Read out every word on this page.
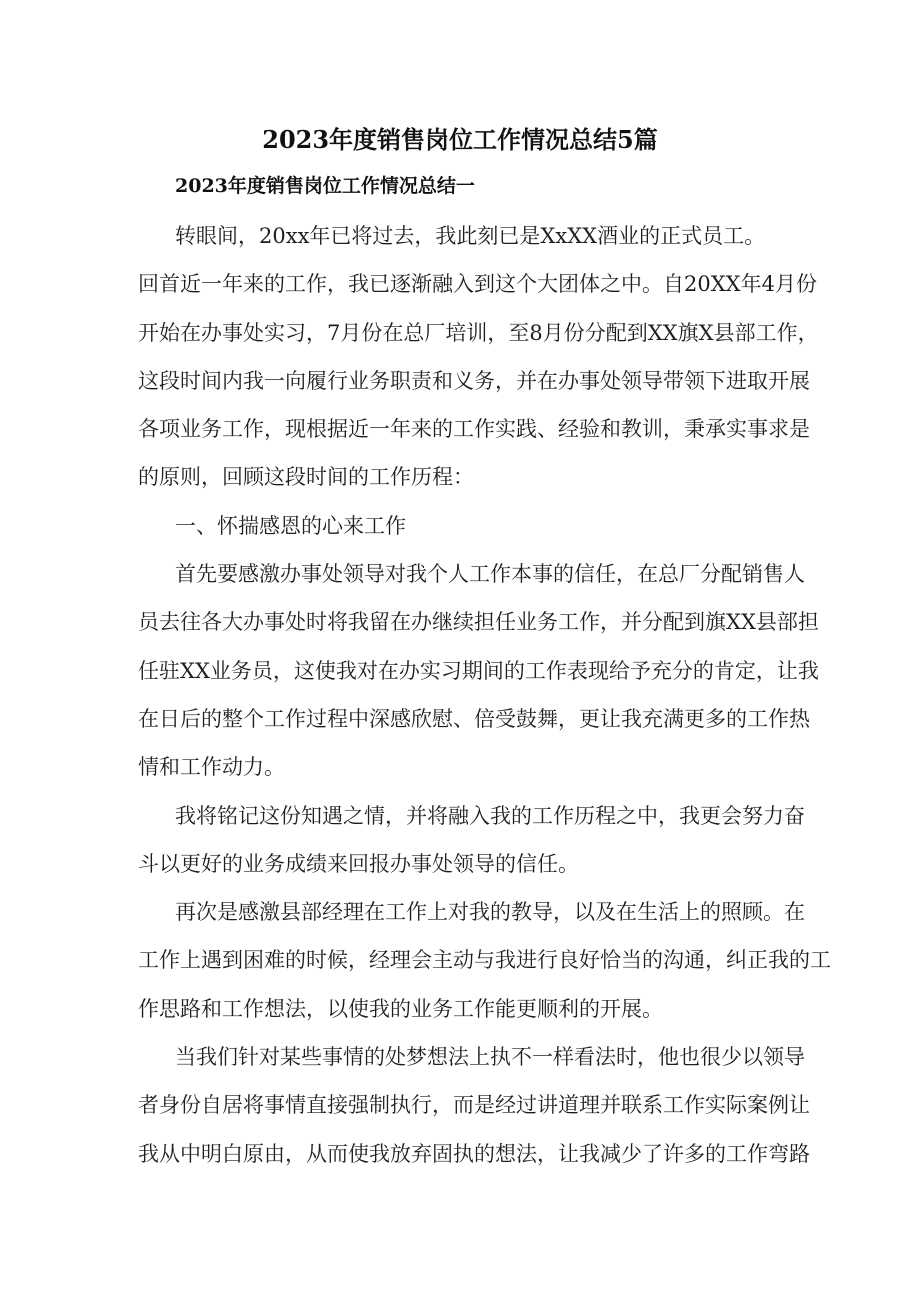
2023年度销售岗位工作情况总结5篇
2023年度销售岗位工作情况总结一
转眼间，20xx年已将过去，我此刻已是XxXX酒业的正式员工。
回首近一年来的工作，我已逐渐融入到这个大团体之中。自20XX年4月份
开始在办事处实习，7月份在总厂培训，至8月份分配到XX旗X县部工作，
这段时间内我一向履行业务职责和义务，并在办事处领导带领下进取开展
各项业务工作，现根据近一年来的工作实践、经验和教训，秉承实事求是
的原则，回顾这段时间的工作历程：
一、怀揣感恩的心来工作
首先要感激办事处领导对我个人工作本事的信任，在总厂分配销售人
员去往各大办事处时将我留在办继续担任业务工作，并分配到旗XX县部担
任驻XX业务员，这使我对在办实习期间的工作表现给予充分的肯定，让我
在日后的整个工作过程中深感欣慰、倍受鼓舞，更让我充满更多的工作热
情和工作动力。
我将铭记这份知遇之情，并将融入我的工作历程之中，我更会努力奋
斗以更好的业务成绩来回报办事处领导的信任。
再次是感激县部经理在工作上对我的教导，以及在生活上的照顾。在
工作上遇到困难的时候，经理会主动与我进行良好恰当的沟通，纠正我的工
作思路和工作想法，以使我的业务工作能更顺利的开展。
当我们针对某些事情的处梦想法上执不一样看法时，他也很少以领导
者身份自居将事情直接强制执行，而是经过讲道理并联系工作实际案例让
我从中明白原由，从而使我放弃固执的想法，让我减少了许多的工作弯路
